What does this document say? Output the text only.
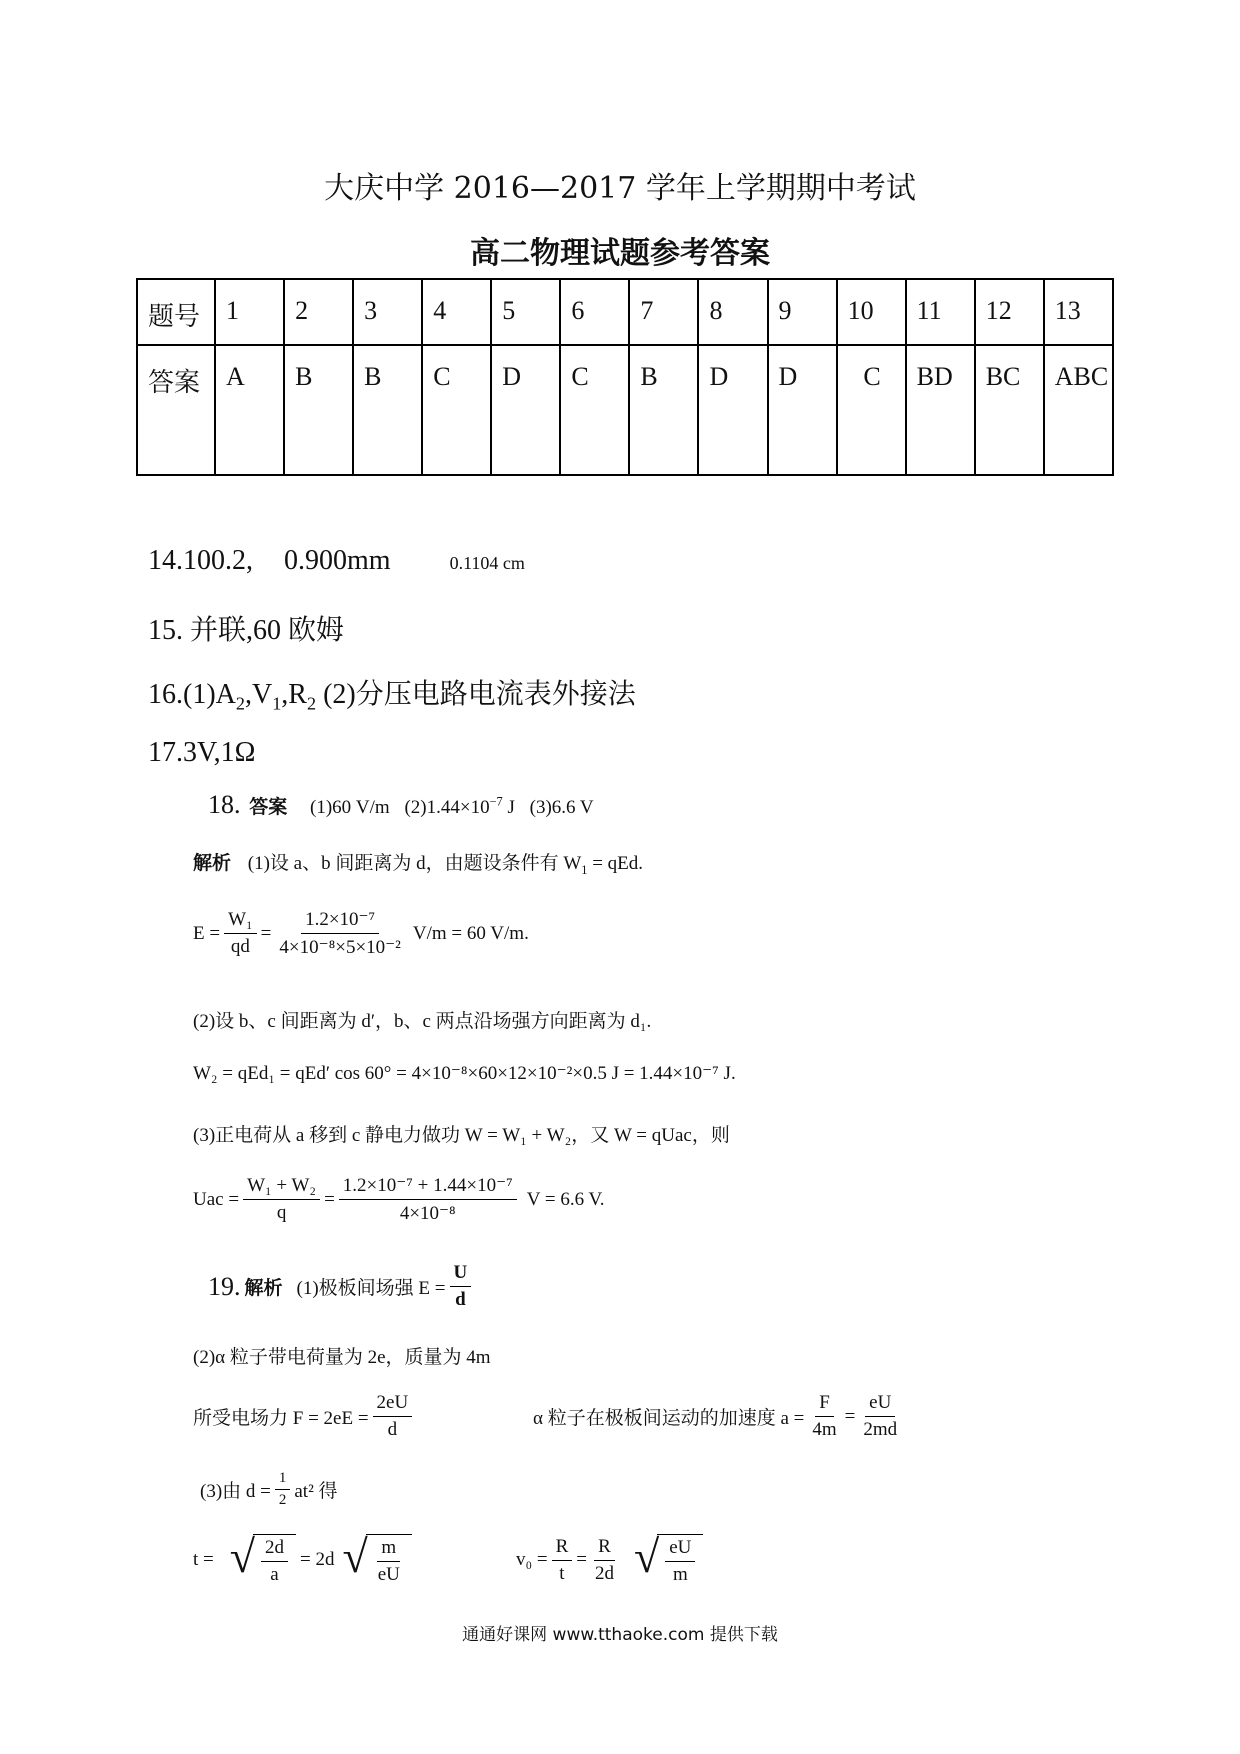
大庆中学 2016—2017 学年上学期期中考试
高二物理试题参考答案
题号	1	2	3	4	5	6	7	8	9	10	11	12	13
答案	A	B	B	C	D	C	B	D	D	C	BD	BC	ABC
14.100.2, 0.900mm	0.1104 cm
15. 并联,60 欧姆
$16.(1)A_2,V_1,R_2$ (2)分压电路电流表外接法
17.3V,1Ω
18. 答案 (1)60 V/m $(2)1.44\times 10^{-7}$ J (3)6.6 V
解析 (1)设 a、b 间距离为 d，由题设条件有 $W_1$ = qEd.
$E = \frac{\text{W₁}}{qd} = \frac{\text{1.2×10⁻⁷}}{\text{4×10⁻⁸×5×10⁻²}} V/m = 60$ V/m.
(2)设 b、c 间距离为 d′，b、c 两点沿场强方向距离为 d₁.
W₂ = qEd₁ = qEd′ cos 60° = 4×10⁻⁸×60×12×10⁻²×0.5 J = 1.44×10⁻⁷ J.
(3)正电荷从 a 移到 c 静电力做功 W = W₁ + W₂，又 W = qUac，则
Uac = $\frac{\text{W₁ + W₂}}{q} = \frac{\text{1.2×10⁻⁷ + 1.44×10⁻⁷}}{\text{4×10⁻⁸}}$ V = 6.6 V.
19. 解析 (1)极板间场强 $E = \frac{U}{d}$
(2)α 粒子带电荷量为 2e，质量为 4m
所受电场力 $F = 2eE = \frac{2eU}{d}$	α 粒子在极板间运动的加速度 $a = \frac{F}{4m} = \frac{eU}{2md}$
(3)由 $d = \frac{1}{2} at^2$ 得
t = √ $\frac{2d}{a} = 2d$ √ $\frac{m}{eU}$	$v_0 = \frac{R}{t} = \frac{R}{2d}$ √ $\frac{eU}{m}$
通通好课网 www.tthaoke.com 提供下载
